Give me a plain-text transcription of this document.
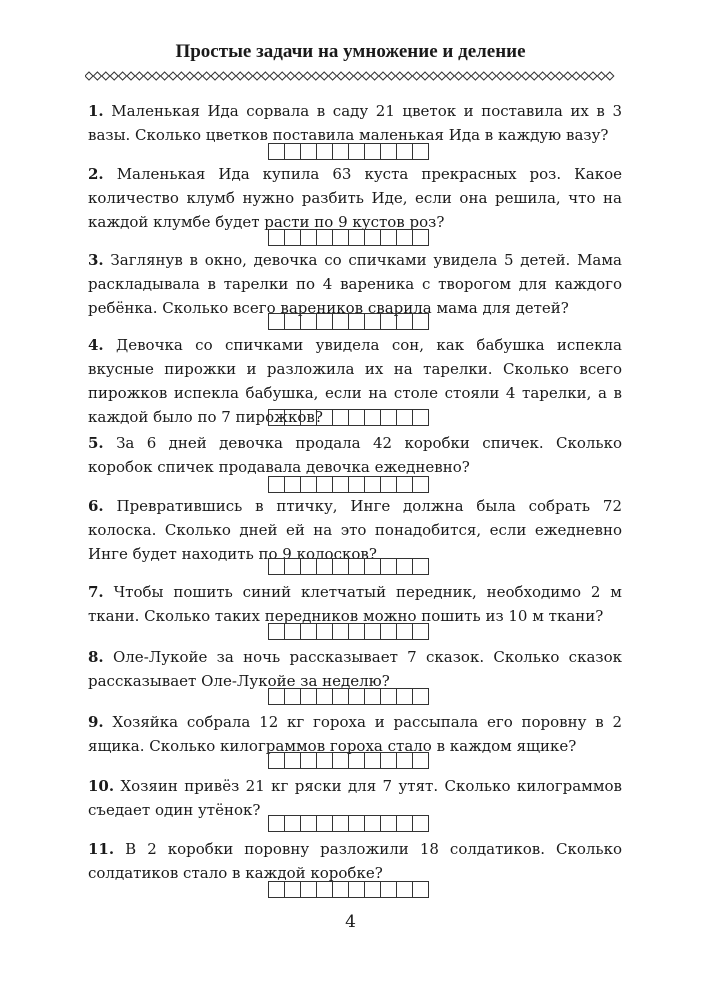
Простые задачи на умножение и деление
1. Маленькая Ида сорвала в саду 21 цветок и поставила их в 3 вазы. Сколько цветков поставила маленькая Ида в каждую вазу?
2. Маленькая Ида купила 63 куста прекрасных роз. Какое количество клумб нужно разбить Иде, если она решила, что на каждой клумбе будет расти по 9 кустов роз?
3. Заглянув в окно, девочка со спичками увидела 5 детей. Мама раскладывала в тарелки по 4 вареника с творогом для каждого ребёнка. Сколько всего вареников сварила мама для детей?
4. Девочка со спичками увидела сон, как бабушка испекла вкусные пирожки и разложила их на тарелки. Сколько всего пирожков испекла бабушка, если на столе стояли 4 тарелки, а в каждой было по 7 пирожков?
5. За 6 дней девочка продала 42 коробки спичек. Сколько коробок спичек продавала девочка ежедневно?
6. Превратившись в птичку, Инге должна была собрать 72 колоска. Сколько дней ей на это понадобится, если ежедневно Инге будет находить по 9 колосков?
7. Чтобы пошить синий клетчатый передник, необходимо 2 м ткани. Сколько таких передников можно пошить из 10 м ткани?
8. Оле-Лукойе за ночь рассказывает 7 сказок. Сколько сказок рассказывает Оле-Лукойе за неделю?
9. Хозяйка собрала 12 кг гороха и рассыпала его поровну в 2 ящика. Сколько килограммов гороха стало в каждом ящике?
10. Хозяин привёз 21 кг ряски для 7 утят. Сколько килограммов съедает один утёнок?
11. В 2 коробки поровну разложили 18 солдатиков. Сколько солдатиков стало в каждой коробке?
4
